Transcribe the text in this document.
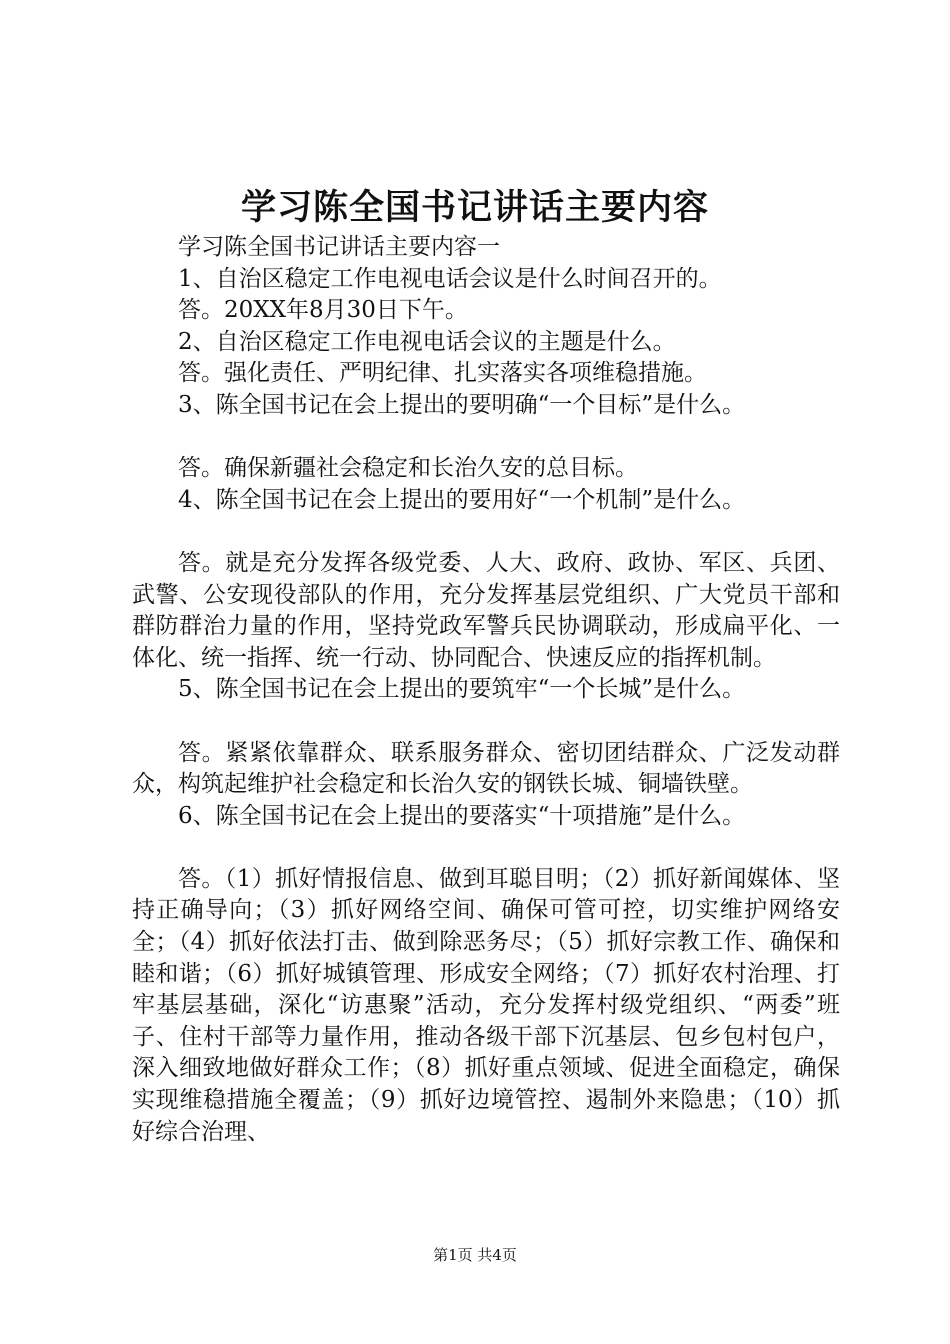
学习陈全国书记讲话主要内容

学习陈全国书记讲话主要内容一

1、自治区稳定工作电视电话会议是什么时间召开的。

答。20XX年8月30日下午。

2、自治区稳定工作电视电话会议的主题是什么。

答。强化责任、严明纪律、扎实落实各项维稳措施。

3、陈全国书记在会上提出的要明确“一个目标”是什么。

答。确保新疆社会稳定和长治久安的总目标。

4、陈全国书记在会上提出的要用好“一个机制”是什么。

答。就是充分发挥各级党委、人大、政府、政协、军区、兵团、武警、公安现役部队的作用，充分发挥基层党组织、广大党员干部和群防群治力量的作用，坚持党政军警兵民协调联动，形成扁平化、一体化、统一指挥、统一行动、协同配合、快速反应的指挥机制。

5、陈全国书记在会上提出的要筑牢“一个长城”是什么。

答。紧紧依靠群众、联系服务群众、密切团结群众、广泛发动群众，构筑起维护社会稳定和长治久安的钢铁长城、铜墙铁壁。

6、陈全国书记在会上提出的要落实“十项措施”是什么。

答。（1）抓好情报信息、做到耳聪目明；（2）抓好新闻媒体、坚持正确导向；（3）抓好网络空间、确保可管可控，切实维护网络安全；（4）抓好依法打击、做到除恶务尽；（5）抓好宗教工作、确保和睦和谐；（6）抓好城镇管理、形成安全网络；（7）抓好农村治理、打牢基层基础，深化“访惠聚”活动，充分发挥村级党组织、“两委”班子、住村干部等力量作用，推动各级干部下沉基层、包乡包村包户，深入细致地做好群众工作；（8）抓好重点领域、促进全面稳定，确保实现维稳措施全覆盖；（9）抓好边境管控、遏制外来隐患；（10）抓好综合治理、

第1页 共4页
